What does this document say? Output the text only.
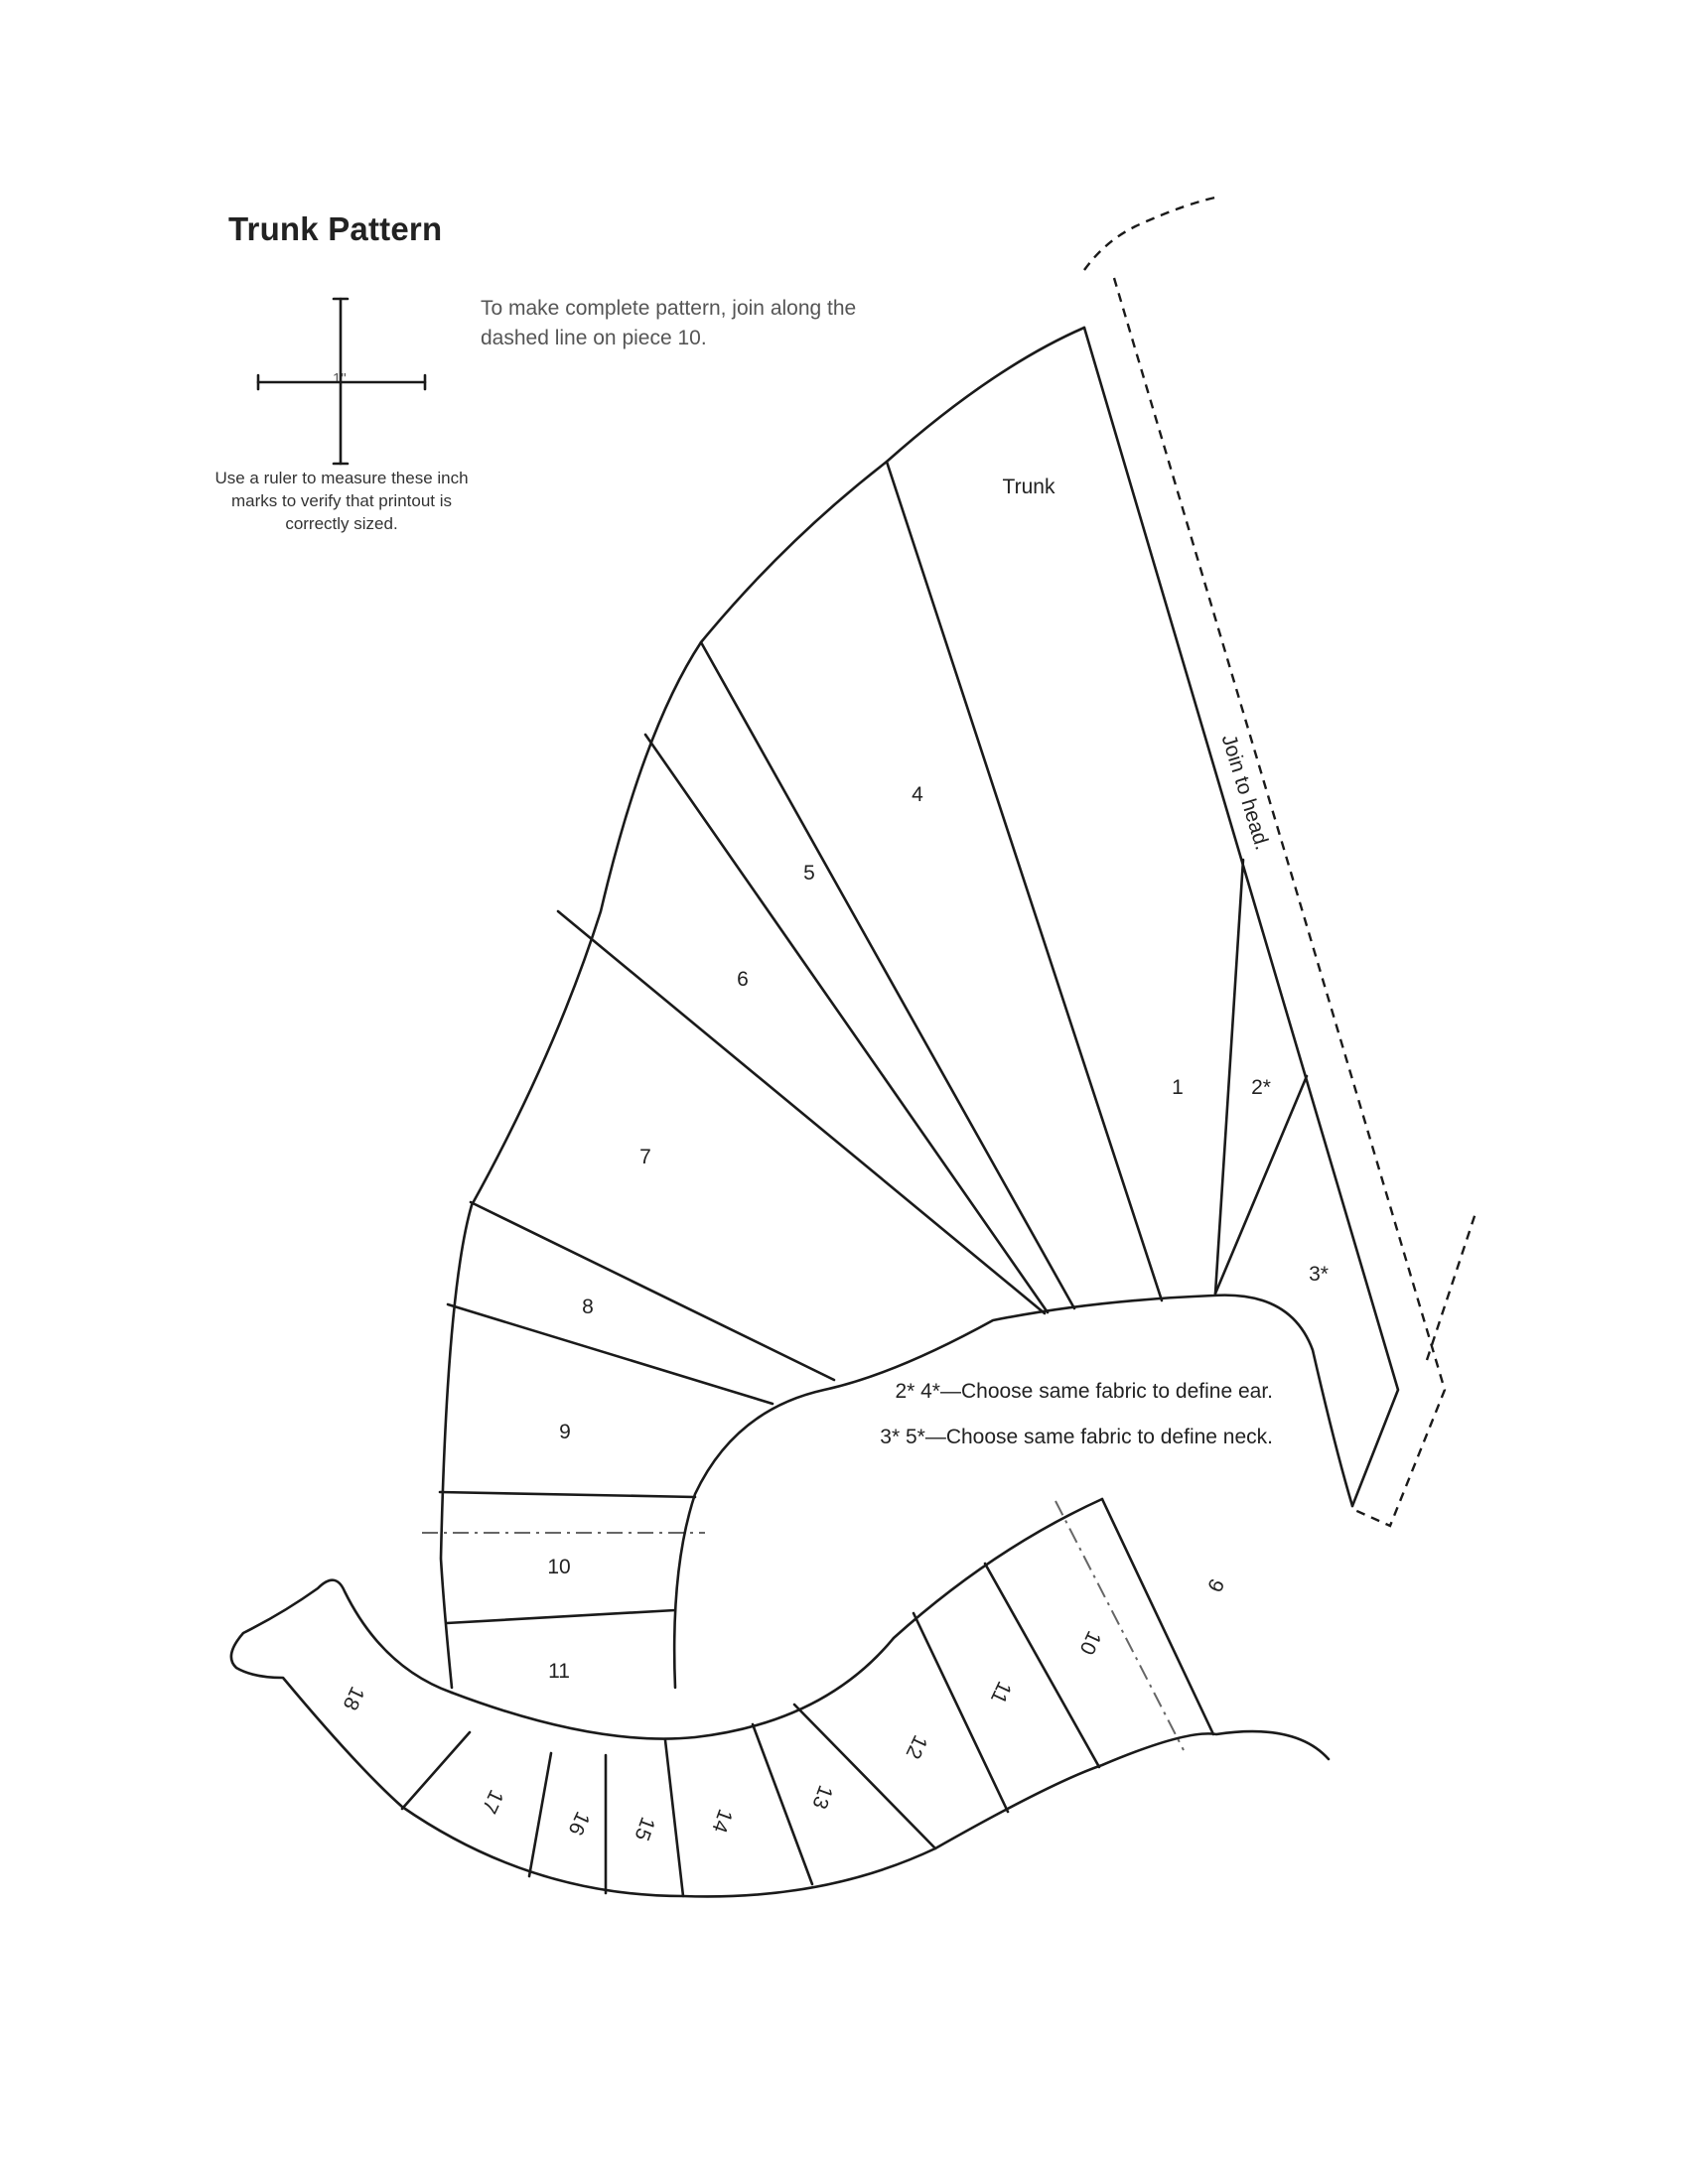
Trunk Pattern
To make complete pattern, join along the dashed line on piece 10.
1"
Use a ruler to measure these inch marks to verify that printout is correctly sized.
Trunk
1	2*
3*
4
5
6
7
8
9
10
11
9
10
11
12
13
14
15
16
17
18
Join to head.
2* 4*—Choose same fabric to define ear.
3* 5*—Choose same fabric to define neck.
